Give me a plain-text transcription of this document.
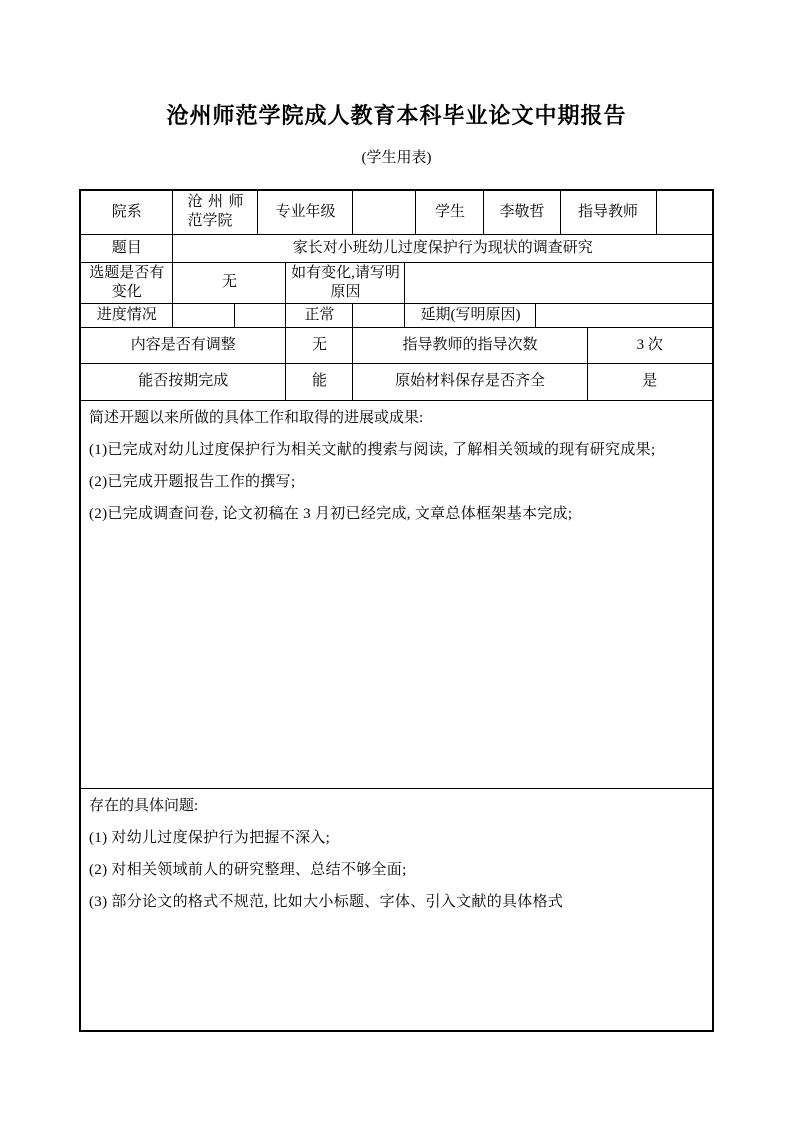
沧州师范学院成人教育本科毕业论文中期报告
(学生用表)
院系	沧州师范学院		专业年级				学生	李敬哲		指导教师		
题目	家长对小班幼儿过度保护行为现状的调查研究											
选题是否有变化	无			如有变化,请写明原因								
进度情况				正常		延期(写明原因)						
内容是否有调整				无	指导教师的指导次数						3 次	
能否按期完成				能	原始材料保存是否齐全						是	

简述开题以来所做的具体工作和取得的进展或成果:

(1)已完成对幼儿过度保护行为相关文献的搜索与阅读, 了解相关领域的现有研究成果;

(2)已完成开题报告工作的撰写;

(2)已完成调查问卷, 论文初稿在 3 月初已经完成, 文章总体框架基本完成;												

存在的具体问题:

(1) 对幼儿过度保护行为把握不深入;

(2) 对相关领域前人的研究整理、总结不够全面;

(3) 部分论文的格式不规范, 比如大小标题、字体、引入文献的具体格式												
